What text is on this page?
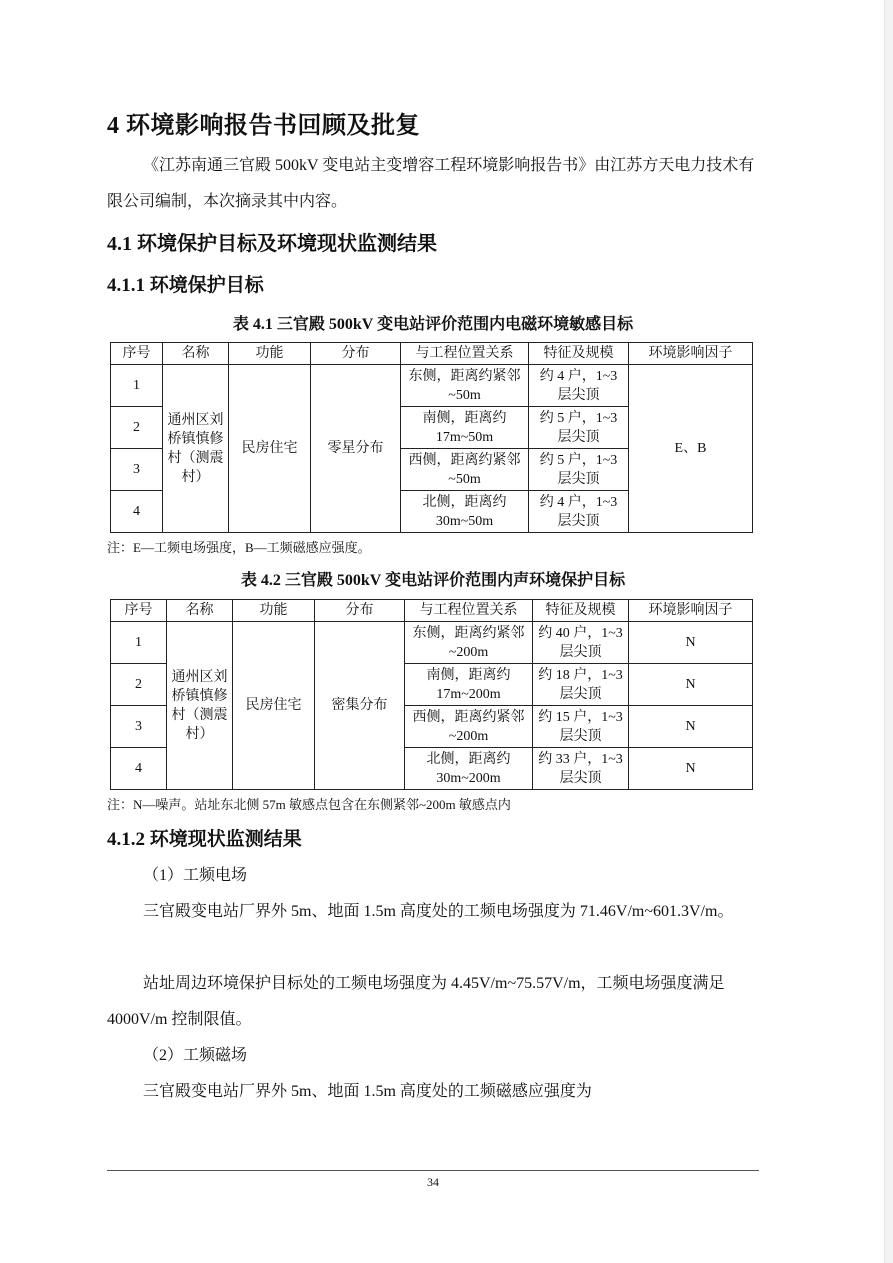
4 环境影响报告书回顾及批复

《江苏南通三官殿 500kV 变电站主变增容工程环境影响报告书》由江苏方天电力技术有限公司编制，本次摘录其中内容。

4.1 环境保护目标及环境现状监测结果
4.1.1 环境保护目标

表 4.1 三官殿 500kV 变电站评价范围内电磁环境敏感目标

序号	名称	功能	分布	与工程位置关系	特征及规模	环境影响因子
1	通州区刘桥镇慎修村（测震村）	民房住宅	零星分布	东侧，距离约紧邻~50m	约 4 户，1~3 层尖顶	E、B
2				南侧，距离约 17m~50m	约 5 户，1~3 层尖顶	
3				西侧，距离约紧邻~50m	约 5 户，1~3 层尖顶	
4				北侧，距离约 30m~50m	约 4 户，1~3 层尖顶	

注：E—工频电场强度，B—工频磁感应强度。

表 4.2 三官殿 500kV 变电站评价范围内声环境保护目标

序号	名称	功能	分布	与工程位置关系	特征及规模	环境影响因子
1	通州区刘桥镇慎修村（测震村）	民房住宅	密集分布	东侧，距离约紧邻~200m	约 40 户，1~3 层尖顶	N
2				南侧，距离约 17m~200m	约 18 户，1~3 层尖顶	N
3				西侧，距离约紧邻~200m	约 15 户，1~3 层尖顶	N
4				北侧，距离约 30m~200m	约 33 户，1~3 层尖顶	N

注：N—噪声。站址东北侧 57m 敏感点包含在东侧紧邻~200m 敏感点内

4.1.2 环境现状监测结果

（1）工频电场

三官殿变电站厂界外 5m、地面 1.5m 高度处的工频电场强度为 71.46V/m~601.3V/m。

站址周边环境保护目标处的工频电场强度为 4.45V/m~75.57V/m，工频电场强度满足 4000V/m 控制限值。

（2）工频磁场

三官殿变电站厂界外 5m、地面 1.5m 高度处的工频磁感应强度为

34
